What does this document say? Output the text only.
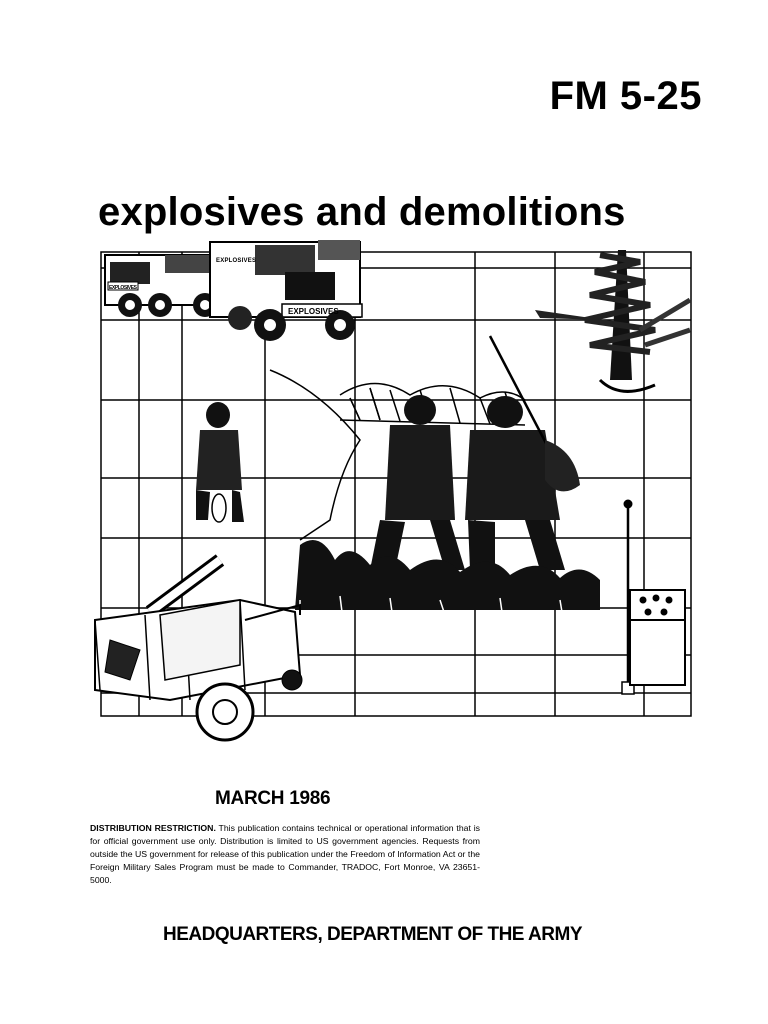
FM 5-25
explosives and demolitions
EXPLOSIVES
EXPLOSIVES
EXPLOSIVES
MARCH 1986
DISTRIBUTION RESTRICTION. This publication contains technical or operational information that is for official government use only. Distribution is limited to US government agencies. Requests from outside the US government for release of this publication under the Freedom of Information Act or the Foreign Military Sales Program must be made to Commander, TRADOC, Fort Monroe, VA 23651-5000.
HEADQUARTERS, DEPARTMENT OF THE ARMY
